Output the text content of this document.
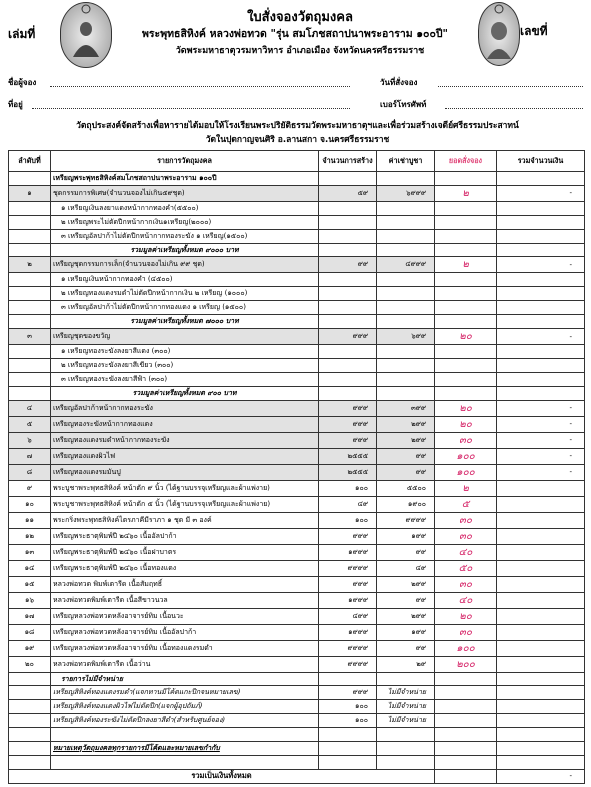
ใบสั่งจองวัตถุมงคล
พระพุทธสิหิงค์ หลวงพ่อทวด "รุ่น สมโภชสถาปนาพระอาราม ๑๐๐ปี"
วัดพระมหาธาตุวรมหาวิหาร อำเภอเมือง จังหวัดนครศรีธรรมราช
เล่มที่	เลขที่
ชื่อผู้จอง	วันที่สั่งจอง
ที่อยู่	เบอร์โทรศัพท์
วัตถุประสงค์จัดสร้างเพื่อหารายได้มอบให้โรงเรียนพระปริยัติธรรมวัดพระมหาธาตุฯและเพื่อร่วมสร้างเจดีย์ศรีธรรมประสาทน์
วัดในปุดกาญจนศิริ อ.ลานสกา จ.นครศรีธรรมราช
ลำดับที่	รายการวัตถุมงคล	จำนวนการสร้าง	ค่าเช่าบูชา	ยอดสั่งจอง	รวมจำนวนเงิน
	เหรียญพระพุทธสิหิงค์สมโภชสถาปนาพระอาราม ๑๐๐ปี				
๑	ชุดกรรมการพิเศษ(จำนวนจองไม่เกิน๕๙ชุด)	๕๙	๖๙๙๙	๒	-
	๑ เหรียญเงินลงยาแดงหน้ากากทองคำ(๕๕๐๐)				
	๒ เหรียญพระไม่ตัดปีกหน้ากากเงิน๑เหรียญ(๒๐๐๐)				
	๓ เหรียญอัลปาก้าไม่ตัดปีกหน้ากากทองระฆัง ๑ เหรียญ(๑๕๐๐)				
	รวมมูลค่าเหรียญทั้งหมด ๙๐๐๐ บาท				
๒	เหรียญชุดกรรมการเล็ก(จำนวนจองไม่เกิน ๙๙ ชุด)	๙๙	๔๙๙๙	๒	-
	๑ เหรียญเงินหน้ากากทองคำ (๔๕๐๐)				
	๒ เหรียญทองแดงรมดำไม่ตัดปีกหน้ากากเงิน ๒ เหรียญ (๑๐๐๐)				
	๓ เหรียญอัลปาก้าไม่ตัดปีกหน้ากากทองแดง ๑ เหรียญ (๑๕๐๐)				
	รวมมูลค่าเหรียญทั้งหมด ๗๐๐๐ บาท				
๓	เหรียญชุดของขวัญ	๙๙๙	๖๙๙	๒๐	-
	๑ เหรียญทองระฆังลงยาสีแดง (๓๐๐)				
	๒ เหรียญทองระฆังลงยาสีเขียว (๓๐๐)				
	๓ เหรียญทองระฆังลงยาสีฟ้า (๓๐๐)				
	รวมมูลค่าเหรียญทั้งหมด ๙๐๐ บาท				
๔	เหรียญอัลปาก้าหน้ากากทองระฆัง	๙๙๙	๓๙๙	๒๐	-
๕	เหรียญทองระฆังหน้ากากทองแดง	๙๙๙	๒๙๙	๒๐	-
๖	เหรียญทองแดงรมดำหน้ากากทองระฆัง	๙๙๙	๒๙๙	๓๐	-
๗	เหรียญทองแดงผิวไฟ	๒๕๕๕	๙๙	๑๐๐	-
๘	เหรียญทองแดงรมมันปู	๒๕๕๕	๙๙	๑๐๐	-
๙	พระบูชาพระพุทธสิหิงค์ หน้าตัก ๙ นิ้ว (ได้ฐานบรรจุเหรียญและผ้าแพ่งาย)	๑๐๐	๕๕๐๐	๒	
๑๐	พระบูชาพระพุทธสิหิงค์ หน้าตัก ๕ นิ้ว (ได้ฐานบรรจุเหรียญและผ้าแพ่งาย)	๔๙	๑๙๐๐	๕	
๑๑	พระกริ่งพระพุทธสิหิงค์ไตรภาคีมีราภา ๑ ชุด มี ๓ องค์	๑๐๐	๙๙๙๙	๓๐	
๑๒	เหรียญพระธาตุพิมพ์ปี ๒๔๖๐ เนื้ออัลปาก้า	๙๙๙	๑๙๙	๓๐	
๑๓	เหรียญพระธาตุพิมพ์ปี ๒๔๖๐ เนื้อฝาบาตร	๑๙๙๙	๙๙	๔๐	
๑๔	เหรียญพระธาตุพิมพ์ปี ๒๔๖๐ เนื้อทองแดง	๙๙๙๙	๔๙	๕๐	
๑๕	หลวงพ่อทวด พิมพ์เตารีด เนื้อสัมฤทธิ์	๙๙๙	๒๙๙	๓๐	
๑๖	หลวงพ่อทวดพิมพ์เตารีด เนื้อสีขาวนวล	๑๙๙๙	๙๙	๔๐	
๑๗	เหรียญหลวงพ่อทวดหลังอาจารย์ทิม เนื้อนวะ	๔๙๙	๒๙๙	๒๐	
๑๘	เหรียญหลวงพ่อทวดหลังอาจารย์ทิม เนื้ออัลปาก้า	๑๙๙๙	๑๙๙	๓๐	
๑๙	เหรียญหลวงพ่อทวดหลังอาจารย์ทิม เนื้อทองแดงรมดำ	๙๙๙๙	๙๙	๑๐๐	
๒๐	หลวงพ่อทวดพิมพ์เตารีด เนื้อว่าน	๙๙๙๙	๒๙	๒๐๐	
	รายการไม่มีจำหน่าย				
	เหรียญสิหิงค์ทองแดงรมดำ(แจกทานมีโค้ดแกะปีกจนหมายเลข)	๙๙๙	ไม่มีจำหน่าย		
	เหรียญสิหิงค์ทองแดงผิวไฟไม่ตัดปีก(แจกผู้อุปถัมภ์)	๑๐๐	ไม่มีจำหน่าย		
	เหรียญสิหิงค์ทองระฆังไม่ตัดปีกลงยาสีดำ(สำหรับศูนย์จอง)	๑๐๐	ไม่มีจำหน่าย		

	หมายเหตุวัตถุมงคลทุกรายการมีโค้ดและหมายเลขกำกับ				

รวมเป็นเงินทั้งหมด					-
